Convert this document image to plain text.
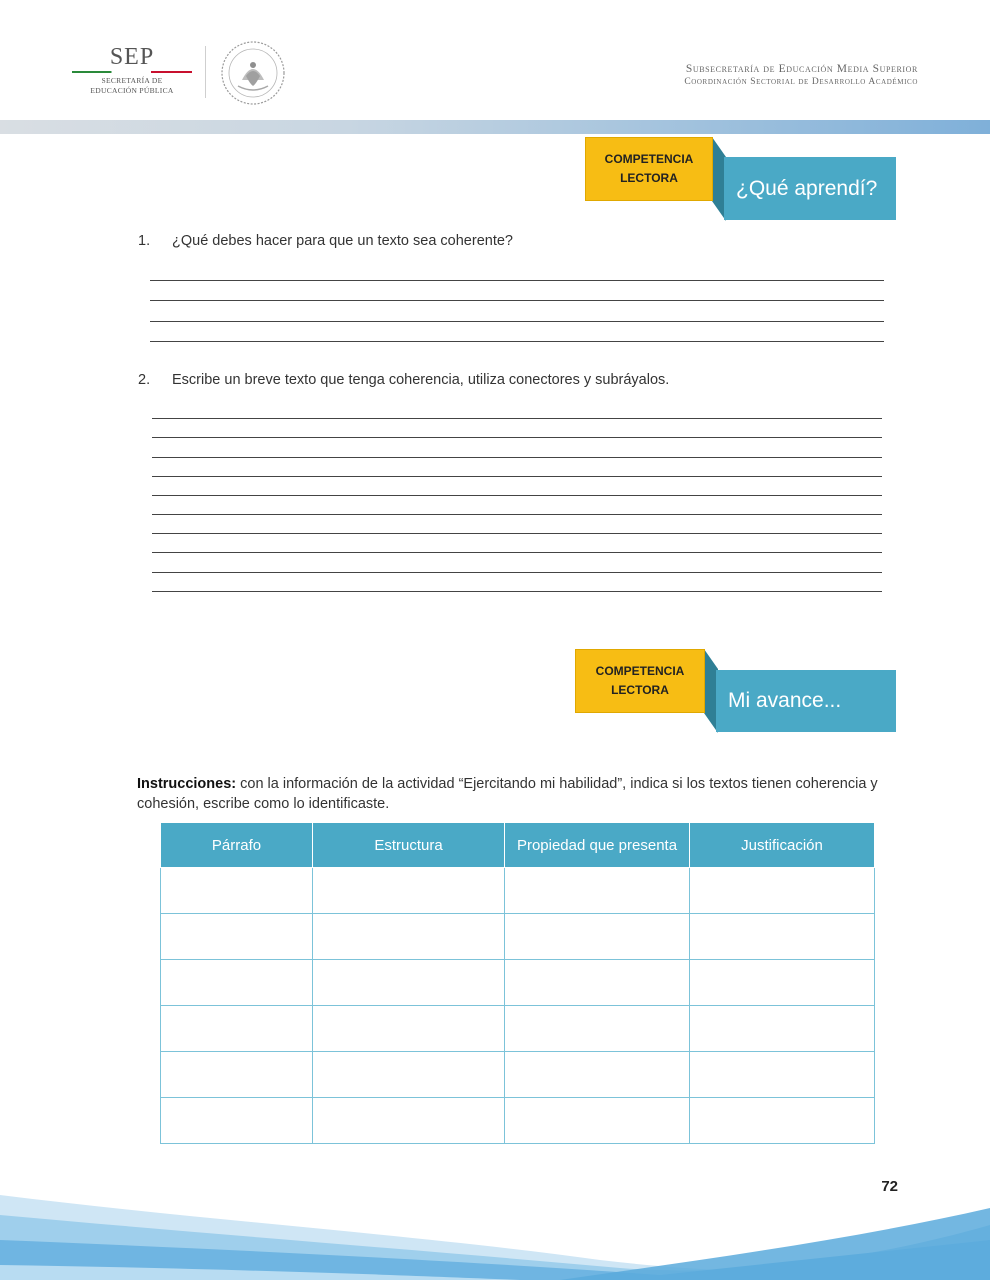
SEP
SECRETARÍA DE
EDUCACIÓN PÚBLICA
Subsecretaría de Educación Media Superior
Coordinación Sectorial de Desarrollo Académico
¿Qué aprendí?
COMPETENCIA
LECTORA
1. ¿Qué debes hacer para que un texto sea coherente?
2. Escribe un breve texto que tenga coherencia, utiliza conectores y subráyalos.
Mi avance...
COMPETENCIA
LECTORA
Instrucciones: con la información de la actividad “Ejercitando mi habilidad”, indica si los textos tienen coherencia y cohesión, escribe como lo identificaste.
Párrafo	Estructura	Propiedad que presenta	Justificación

72
